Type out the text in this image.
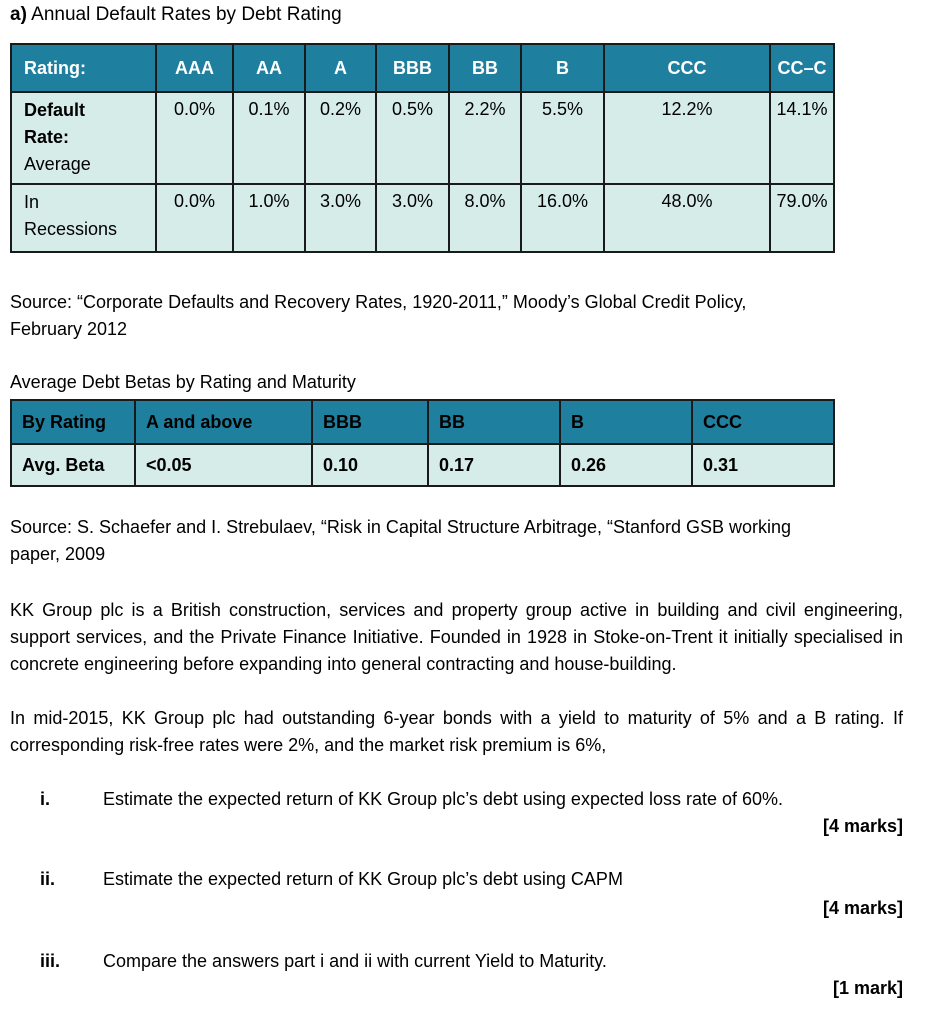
a) Annual Default Rates by Debt Rating
Rating:	AAA	AA	A	BBB	BB	B	CCC	CC–C
Default
Rate:
Average	0.0%	0.1%	0.2%	0.5%	2.2%	5.5%	12.2%	14.1%
In
Recessions	0.0%	1.0%	3.0%	3.0%	8.0%	16.0%	48.0%	79.0%
Source: “Corporate Defaults and Recovery Rates, 1920-2011,” Moody’s Global Credit Policy,
February 2012
Average Debt Betas by Rating and Maturity
By Rating	A and above	BBB	BB	B	CCC
Avg. Beta	<0.05	0.10	0.17	0.26	0.31
Source: S. Schaefer and I. Strebulaev, “Risk in Capital Structure Arbitrage, “Stanford GSB working
paper, 2009
KK Group plc is a British construction, services and property group active in building and civil engineering, support services, and the Private Finance Initiative. Founded in 1928 in Stoke-on-Trent it initially specialised in concrete engineering before expanding into general contracting and house-building.
In mid-2015, KK Group plc had outstanding 6-year bonds with a yield to maturity of 5% and a B rating. If corresponding risk-free rates were 2%, and the market risk premium is 6%,
i.	Estimate the expected return of KK Group plc’s debt using expected loss rate of 60%.
[4 marks]
ii.	Estimate the expected return of KK Group plc’s debt using CAPM
[4 marks]
iii. Compare the answers part i and ii with current Yield to Maturity.
[1 mark]
